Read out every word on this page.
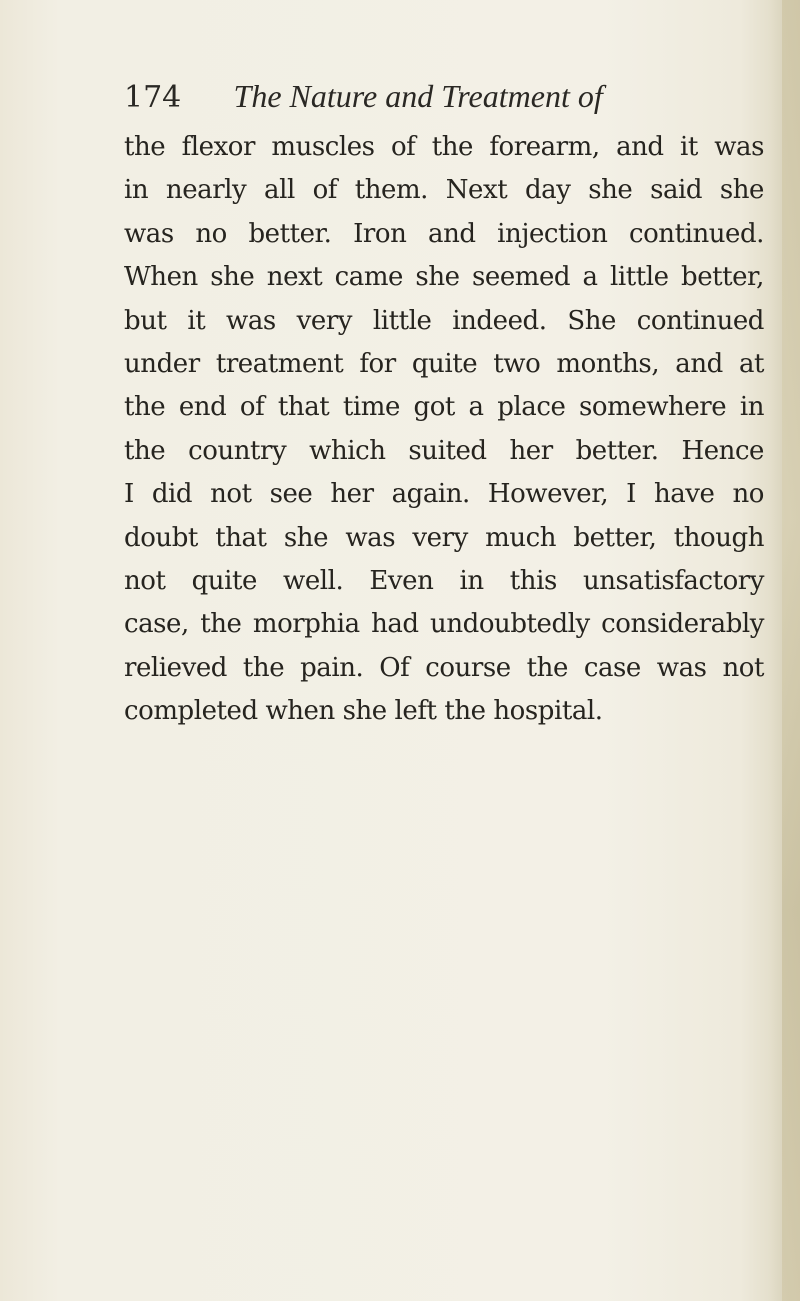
174 The Nature and Treatment of
the flexor muscles of the forearm, and it was
in nearly all of them. Next day she said she
was no better. Iron and injection continued.
When she next came she seemed a little better,
but it was very little indeed. She continued
under treatment for quite two months, and at
the end of that time got a place somewhere in
the country which suited her better. Hence
I did not see her again. However, I have no
doubt that she was very much better, though
not quite well. Even in this unsatisfactory
case, the morphia had undoubtedly considerably
relieved the pain. Of course the case was not
completed when she left the hospital.
